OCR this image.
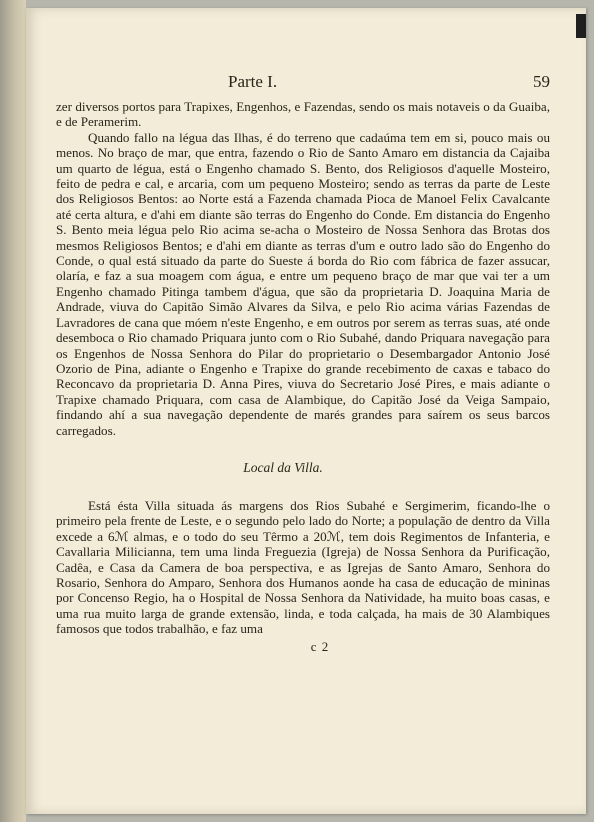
Parte I.	59

zer diversos portos para Trapixes, Engenhos, e Fazendas, sendo os mais notaveis o da Guaiba, e de Peramerim.

Quando fallo na légua das Ilhas, é do terreno que cadaúma tem em si, pouco mais ou menos. No braço de mar, que entra, fazendo o Rio de Santo Amaro em distancia da Cajaiba um quarto de légua, está o Engenho chamado S. Bento, dos Religiosos d'aquelle Mosteiro, feito de pedra e cal, e arcaria, com um pequeno Mosteiro; sendo as terras da parte de Leste dos Religiosos Bentos: ao Norte está a Fazenda chamada Pioca de Manoel Felix Cavalcante até certa altura, e d'ahi em diante são terras do Engenho do Conde. Em distancia do Engenho S. Bento meia légua pelo Rio acima se-acha o Mosteiro de Nossa Senhora das Brotas dos mesmos Religiosos Bentos; e d'ahi em diante as terras d'um e outro lado são do Engenho do Conde, o qual está situado da parte do Sueste á borda do Rio com fábrica de fazer assucar, olaría, e faz a sua moagem com água, e entre um pequeno braço de mar que vai ter a um Engenho chamado Pitinga tambem d'água, que são da proprietaria D. Joaquina Maria de Andrade, viuva do Capitão Simão Alvares da Silva, e pelo Rio acima várias Fazendas de Lavradores de cana que móem n'este Engenho, e em outros por serem as terras suas, até onde desemboca o Rio chamado Priquara junto com o Rio Subahé, dando Priquara navegação para os Engenhos de Nossa Senhora do Pilar do proprietario o Desembargador Antonio José Ozorio de Pina, adiante o Engenho e Trapixe do grande recebimento de caxas e tabaco do Reconcavo da proprietaria D. Anna Pires, viuva do Secretario José Pires, e mais adiante o Trapixe chamado Priquara, com casa de Alambique, do Capitão José da Veiga Sampaio, findando ahí a sua navegação dependente de marés grandes para saírem os seus barcos carregados.

Local da Villa.

Está ésta Villa situada ás margens dos Rios Subahé e Sergimerim, ficando-lhe o primeiro pela frente de Leste, e o segundo pelo lado do Norte; a população de dentro da Villa excede a 6ℳ almas, e o todo do seu Têrmo a 20ℳ, tem dois Regimentos de Infanteria, e Cavallaria Milicianna, tem uma linda Freguezia (Igreja) de Nossa Senhora da Purificação, Cadêa, e Casa da Camera de boa perspectiva, e as Igrejas de Santo Amaro, Senhora do Rosario, Senhora do Amparo, Senhora dos Humanos aonde ha casa de educação de mininas por Concenso Regio, ha o Hospital de Nossa Senhora da Natividade, ha muito boas casas, e uma rua muito larga de grande extensão, linda, e toda calçada, ha mais de 30 Alambiques famosos que todos trabalhão, e faz uma

c 2
